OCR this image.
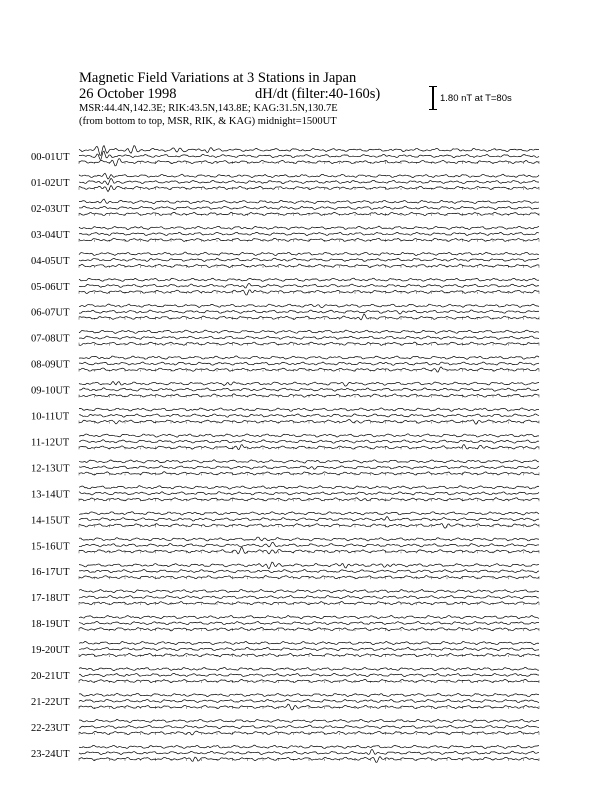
Magnetic Field Variations at 3 Stations in Japan
26 October 1998	dH/dt (filter:40-160s)
MSR:44.4N,142.3E; RIK:43.5N,143.8E; KAG:31.5N,130.7E
(from bottom to top, MSR, RIK, & KAG) midnight=1500UT
1.80 nT at T=80s
00-01UT
01-02UT
02-03UT
03-04UT
04-05UT
05-06UT
06-07UT
07-08UT
08-09UT
09-10UT
10-11UT
11-12UT
12-13UT
13-14UT
14-15UT
15-16UT
16-17UT
17-18UT
18-19UT
19-20UT
20-21UT
21-22UT
22-23UT
23-24UT
